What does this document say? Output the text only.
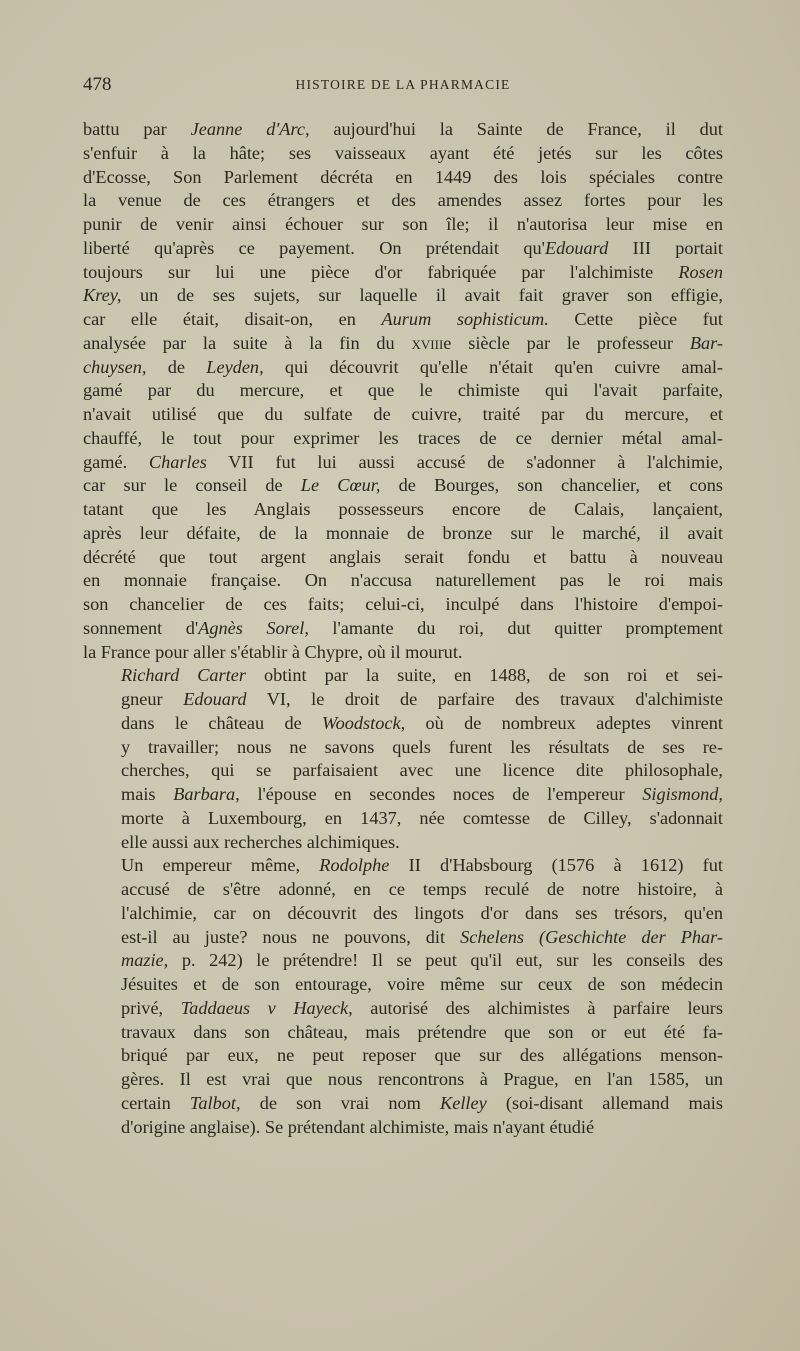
478	HISTOIRE DE LA PHARMACIE

battu par Jeanne d'Arc, aujourd'hui la Sainte de France, il dut
s'enfuir à la hâte; ses vaisseaux ayant été jetés sur les côtes
d'Ecosse, Son Parlement décréta en 1449 des lois spéciales contre
la venue de ces étrangers et des amendes assez fortes pour les
punir de venir ainsi échouer sur son île; il n'autorisa leur mise en
liberté qu'après ce payement. On prétendait qu'Edouard III portait
toujours sur lui une pièce d'or fabriquée par l'alchimiste Rosen
Krey, un de ses sujets, sur laquelle il avait fait graver son effigie,
car elle était, disait-on, en Aurum sophisticum. Cette pièce fut
analysée par la suite à la fin du xviiie siècle par le professeur Bar-
chuysen, de Leyden, qui découvrit qu'elle n'était qu'en cuivre amal-
gamé par du mercure, et que le chimiste qui l'avait parfaite,
n'avait utilisé que du sulfate de cuivre, traité par du mercure, et
chauffé, le tout pour exprimer les traces de ce dernier métal amal-
gamé. Charles VII fut lui aussi accusé de s'adonner à l'alchimie,
car sur le conseil de Le Cœur, de Bourges, son chancelier, et cons
tatant que les Anglais possesseurs encore de Calais, lançaient,
après leur défaite, de la monnaie de bronze sur le marché, il avait
décrété que tout argent anglais serait fondu et battu à nouveau
en monnaie française. On n'accusa naturellement pas le roi mais
son chancelier de ces faits; celui-ci, inculpé dans l'histoire d'empoi-
sonnement d'Agnès Sorel, l'amante du roi, dut quitter promptement
la France pour aller s'établir à Chypre, où il mourut.

Richard Carter obtint par la suite, en 1488, de son roi et sei-
gneur Edouard VI, le droit de parfaire des travaux d'alchimiste
dans le château de Woodstock, où de nombreux adeptes vinrent
y travailler; nous ne savons quels furent les résultats de ses re-
cherches, qui se parfaisaient avec une licence dite philosophale,
mais Barbara, l'épouse en secondes noces de l'empereur Sigismond,
morte à Luxembourg, en 1437, née comtesse de Cilley, s'adonnait
elle aussi aux recherches alchimiques.

Un empereur même, Rodolphe II d'Habsbourg (1576 à 1612) fut
accusé de s'être adonné, en ce temps reculé de notre histoire, à
l'alchimie, car on découvrit des lingots d'or dans ses trésors, qu'en
est-il au juste? nous ne pouvons, dit Schelens (Geschichte der Phar-
mazie, p. 242) le prétendre! Il se peut qu'il eut, sur les conseils des
Jésuites et de son entourage, voire même sur ceux de son médecin
privé, Taddaeus v Hayeck, autorisé des alchimistes à parfaire leurs
travaux dans son château, mais prétendre que son or eut été fa-
briqué par eux, ne peut reposer que sur des allégations menson-
gères. Il est vrai que nous rencontrons à Prague, en l'an 1585, un
certain Talbot, de son vrai nom Kelley (soi-disant allemand mais
d'origine anglaise). Se prétendant alchimiste, mais n'ayant étudié
